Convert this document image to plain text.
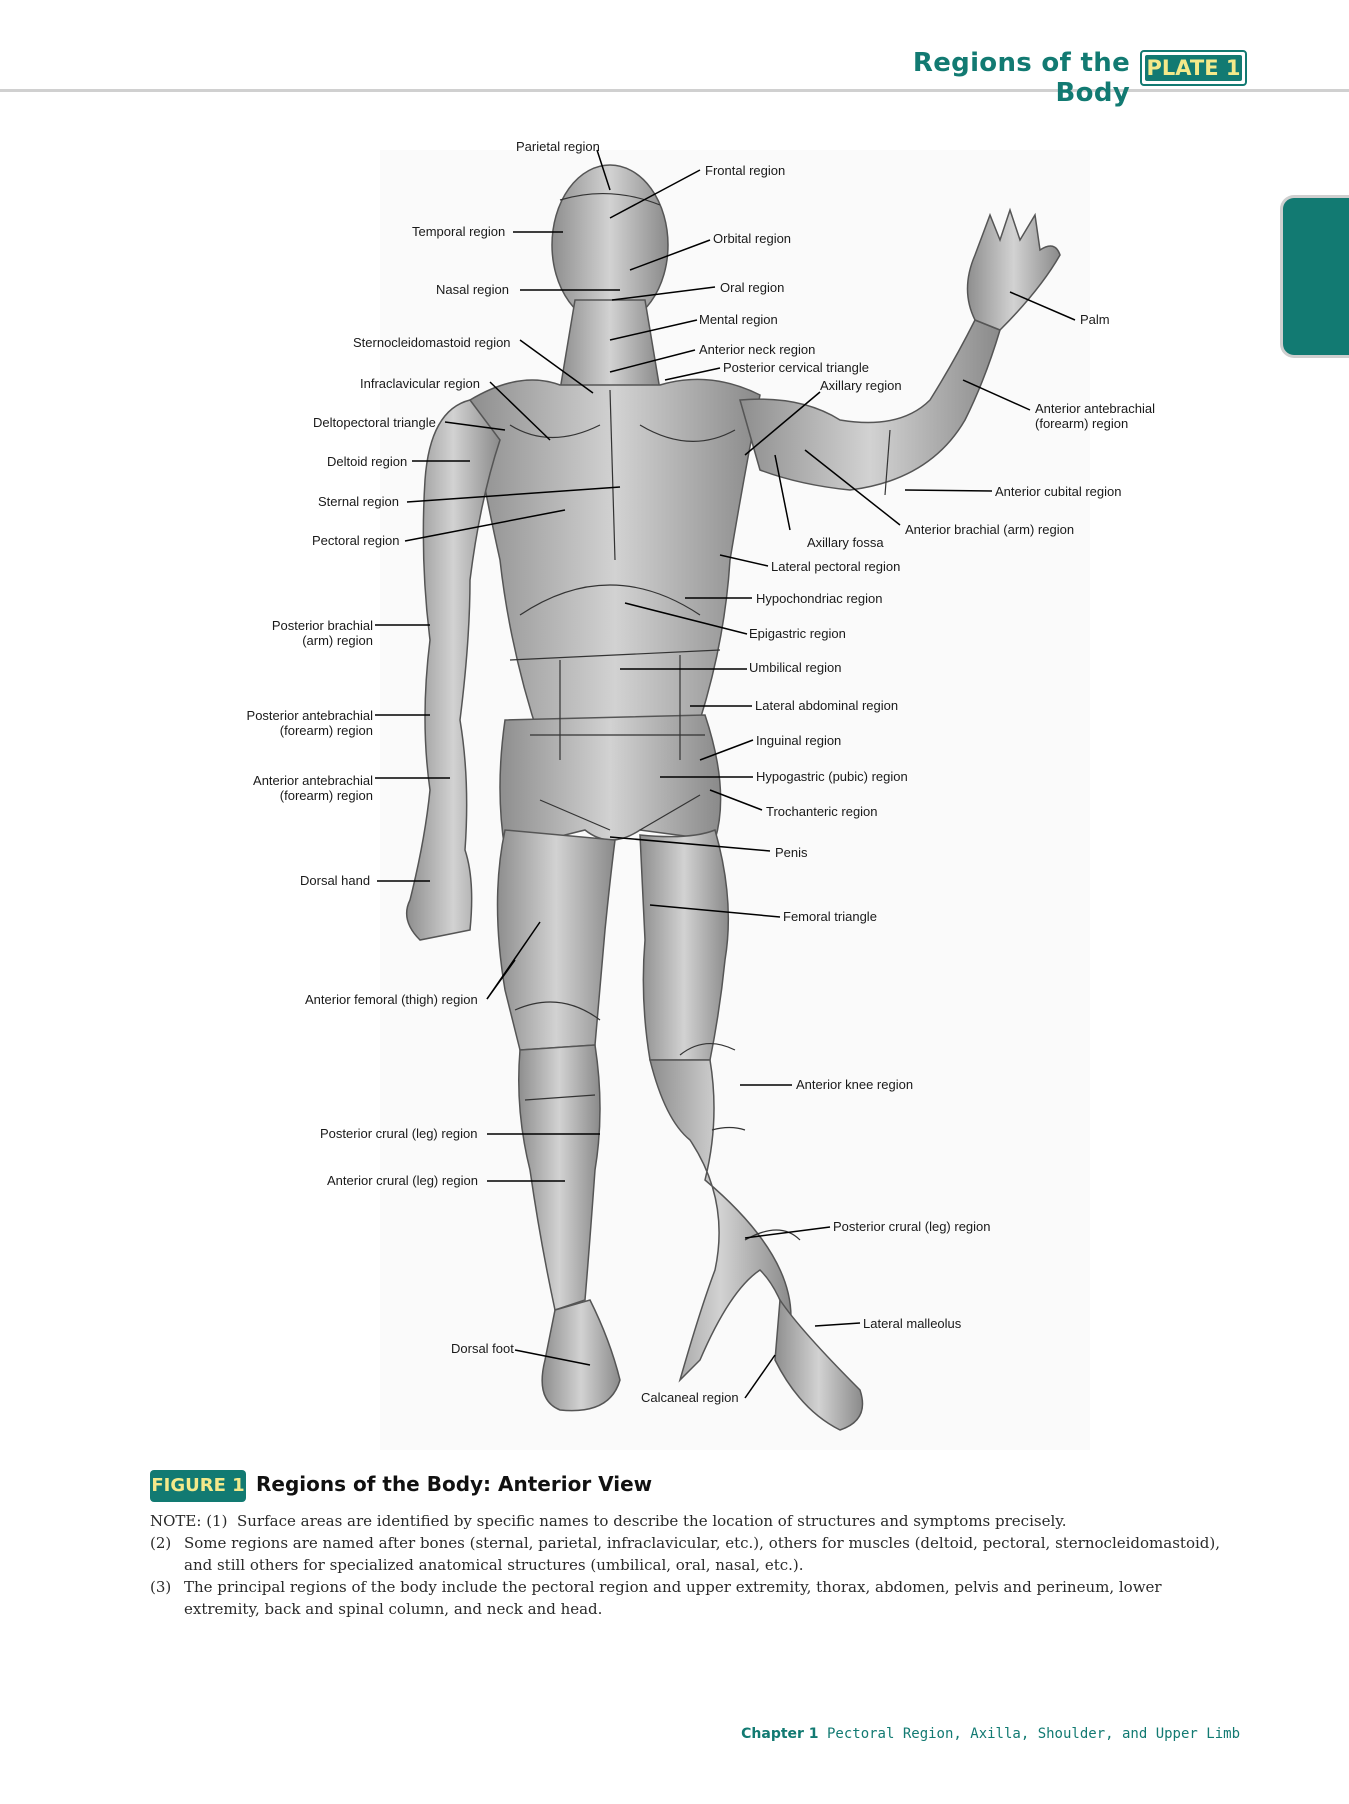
Regions of the Body
PLATE 1
Parietal region
Frontal region
Temporal region	Orbital region
Nasal region	Oral region
Mental region	Palm
Sternocleidomastoid region	Anterior neck region
Posterior cervical triangle
Infraclavicular region	Axillary region
Anterior antebrachial
(forearm) region
Deltopectoral triangle
Deltoid region
Sternal region
Anterior cubital region
Anterior brachial (arm) region
Pectoral region	Axillary fossa
Lateral pectoral region
Hypochondriac region
Posterior brachial
(arm) region	Epigastric region
Umbilical region
Lateral abdominal region
Posterior antebrachial
(forearm) region
Inguinal region
Anterior antebrachial
(forearm) region
Hypogastric (pubic) region
Trochanteric region
Penis
Dorsal hand
Femoral triangle
Anterior femoral (thigh) region
Anterior knee region
Posterior crural (leg) region
Anterior crural (leg) region
Posterior crural (leg) region
Lateral malleolus
Dorsal foot
Calcaneal region
FIGURE 1 Regions of the Body: Anterior View
NOTE: (1) Surface areas are identified by specific names to describe the location of structures and symptoms precisely.
(2) Some regions are named after bones (sternal, parietal, infraclavicular, etc.), others for muscles (deltoid, pectoral, sternocleidomastoid), and still others for specialized anatomical structures (umbilical, oral, nasal, etc.).
(3) The principal regions of the body include the pectoral region and upper extremity, thorax, abdomen, pelvis and perineum, lower extremity, back and spinal column, and neck and head.
Chapter 1 Pectoral Region, Axilla, Shoulder, and Upper Limb
